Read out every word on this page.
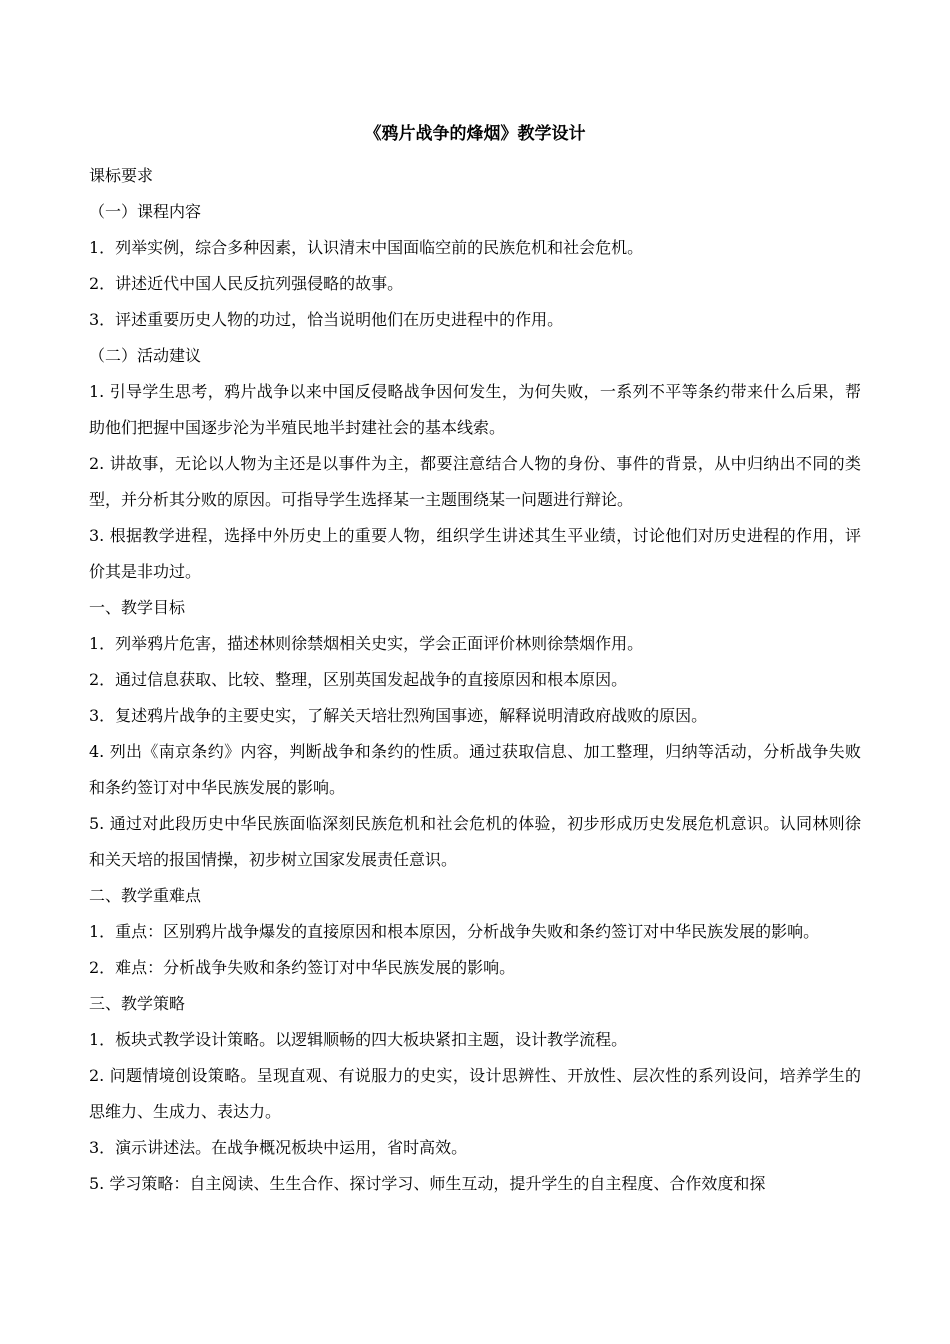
《鸦片战争的烽烟》教学设计
课标要求
（一）课程内容
1．列举实例，综合多种因素，认识清末中国面临空前的民族危机和社会危机。
2．讲述近代中国人民反抗列强侵略的故事。
3．评述重要历史人物的功过，恰当说明他们在历史进程中的作用。
（二）活动建议
1. 引导学生思考，鸦片战争以来中国反侵略战争因何发生，为何失败，一系列不平等条约带来什么后果，帮助他们把握中国逐步沦为半殖民地半封建社会的基本线索。
2. 讲故事，无论以人物为主还是以事件为主，都要注意结合人物的身份、事件的背景，从中归纳出不同的类型，并分析其分败的原因。可指导学生选择某一主题围绕某一问题进行辩论。
3. 根据教学进程，选择中外历史上的重要人物，组织学生讲述其生平业绩，讨论他们对历史进程的作用，评价其是非功过。
一、教学目标
1．列举鸦片危害，描述林则徐禁烟相关史实，学会正面评价林则徐禁烟作用。
2．通过信息获取、比较、整理，区别英国发起战争的直接原因和根本原因。
3．复述鸦片战争的主要史实，了解关天培壮烈殉国事迹，解释说明清政府战败的原因。
4. 列出《南京条约》内容，判断战争和条约的性质。通过获取信息、加工整理，归纳等活动，分析战争失败和条约签订对中华民族发展的影响。
5. 通过对此段历史中华民族面临深刻民族危机和社会危机的体验，初步形成历史发展危机意识。认同林则徐和关天培的报国情操，初步树立国家发展责任意识。
二、教学重难点
1．重点：区别鸦片战争爆发的直接原因和根本原因，分析战争失败和条约签订对中华民族发展的影响。
2．难点：分析战争失败和条约签订对中华民族发展的影响。
三、教学策略
1．板块式教学设计策略。以逻辑顺畅的四大板块紧扣主题，设计教学流程。
2. 问题情境创设策略。呈现直观、有说服力的史实，设计思辨性、开放性、层次性的系列设问，培养学生的思维力、生成力、表达力。
3．演示讲述法。在战争概况板块中运用，省时高效。
5. 学习策略：自主阅读、生生合作、探讨学习、师生互动，提升学生的自主程度、合作效度和探
